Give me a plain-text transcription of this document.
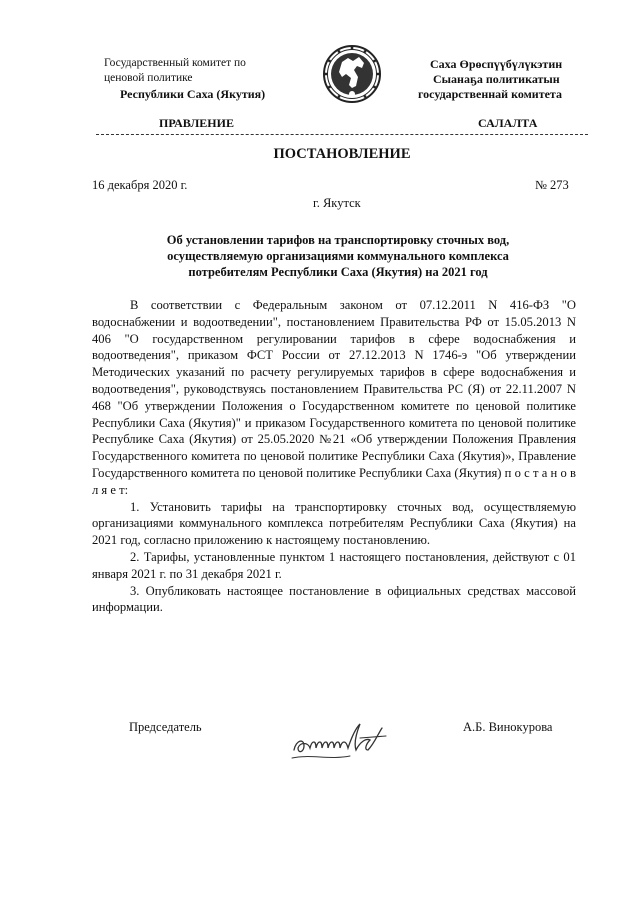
Государственный комитет по
ценовой политике
Республики Саха (Якутия)
Саха Өрөспүүбүлүкэтин
Сыанаҕа политикатын
государственнай комитета
ПРАВЛЕНИЕ	САЛАЛТА
ПОСТАНОВЛЕНИЕ
16 декабря 2020 г.	№ 273
г. Якутск
Об установлении тарифов на транспортировку сточных вод, осуществляемую организациями коммунального комплекса потребителям Республики Саха (Якутия) на 2021 год

В соответствии с Федеральным законом от 07.12.2011 N 416-ФЗ "О водоснабжении и водоотведении", постановлением Правительства РФ от 15.05.2013 N 406 "О государственном регулировании тарифов в сфере водоснабжения и водоотведения", приказом ФСТ России от 27.12.2013 N 1746-э "Об утверждении Методических указаний по расчету регулируемых тарифов в сфере водоснабжения и водоотведения", руководствуясь постановлением Правительства РС (Я) от 22.11.2007 N 468 "Об утверждении Положения о Государственном комитете по ценовой политике Республики Саха (Якутия)" и приказом Государственного комитета по ценовой политике Республике Саха (Якутия) от 25.05.2020 №21 «Об утверждении Положения Правления Государственного комитета по ценовой политике Республики Саха (Якутия)», Правление Государственного комитета по ценовой политике Республики Саха (Якутия) п о с т а н о в л я е т:

1. Установить тарифы на транспортировку сточных вод, осуществляемую организациями коммунального комплекса потребителям Республики Саха (Якутия) на 2021 год, согласно приложению к настоящему постановлению.

2. Тарифы, установленные пунктом 1 настоящего постановления, действуют с 01 января 2021 г. по 31 декабря 2021 г.

3. Опубликовать настоящее постановление в официальных средствах массовой информации.

Председатель	А.Б. Винокурова
